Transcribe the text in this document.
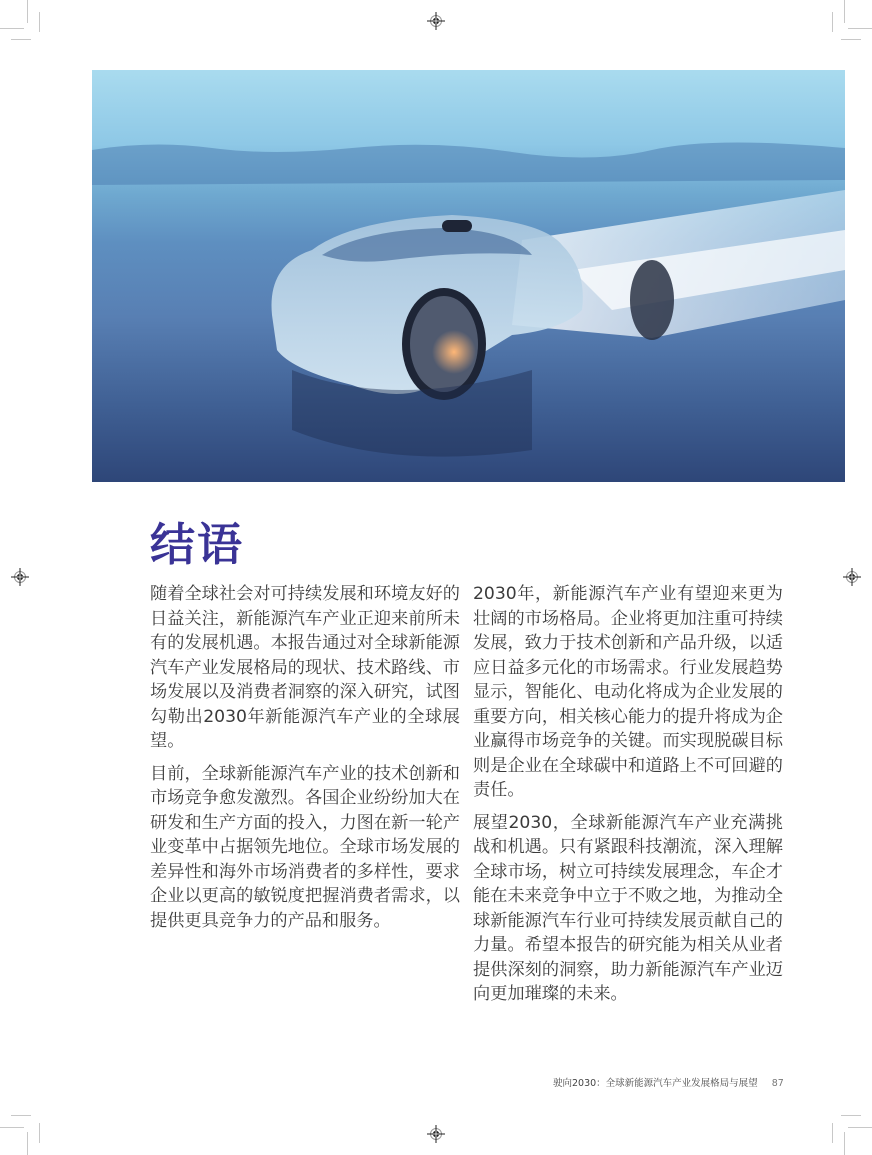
结语

随着全球社会对可持续发展和环境友好的日益关注，新能源汽车产业正迎来前所未有的发展机遇。本报告通过对全球新能源汽车产业发展格局的现状、技术路线、市场发展以及消费者洞察的深入研究，试图勾勒出2030年新能源汽车产业的全球展望。

目前，全球新能源汽车产业的技术创新和市场竞争愈发激烈。各国企业纷纷加大在研发和生产方面的投入，力图在新一轮产业变革中占据领先地位。全球市场发展的差异性和海外市场消费者的多样性，要求企业以更高的敏锐度把握消费者需求，以提供更具竞争力的产品和服务。

2030年，新能源汽车产业有望迎来更为壮阔的市场格局。企业将更加注重可持续发展，致力于技术创新和产品升级，以适应日益多元化的市场需求。行业发展趋势显示，智能化、电动化将成为企业发展的重要方向，相关核心能力的提升将成为企业赢得市场竞争的关键。而实现脱碳目标则是企业在全球碳中和道路上不可回避的责任。

展望2030，全球新能源汽车产业充满挑战和机遇。只有紧跟科技潮流，深入理解全球市场，树立可持续发展理念，车企才能在未来竞争中立于不败之地，为推动全球新能源汽车行业可持续发展贡献自己的力量。希望本报告的研究能为相关从业者提供深刻的洞察，助力新能源汽车产业迈向更加璀璨的未来。

驶向2030：全球新能源汽车产业发展格局与展望 87
